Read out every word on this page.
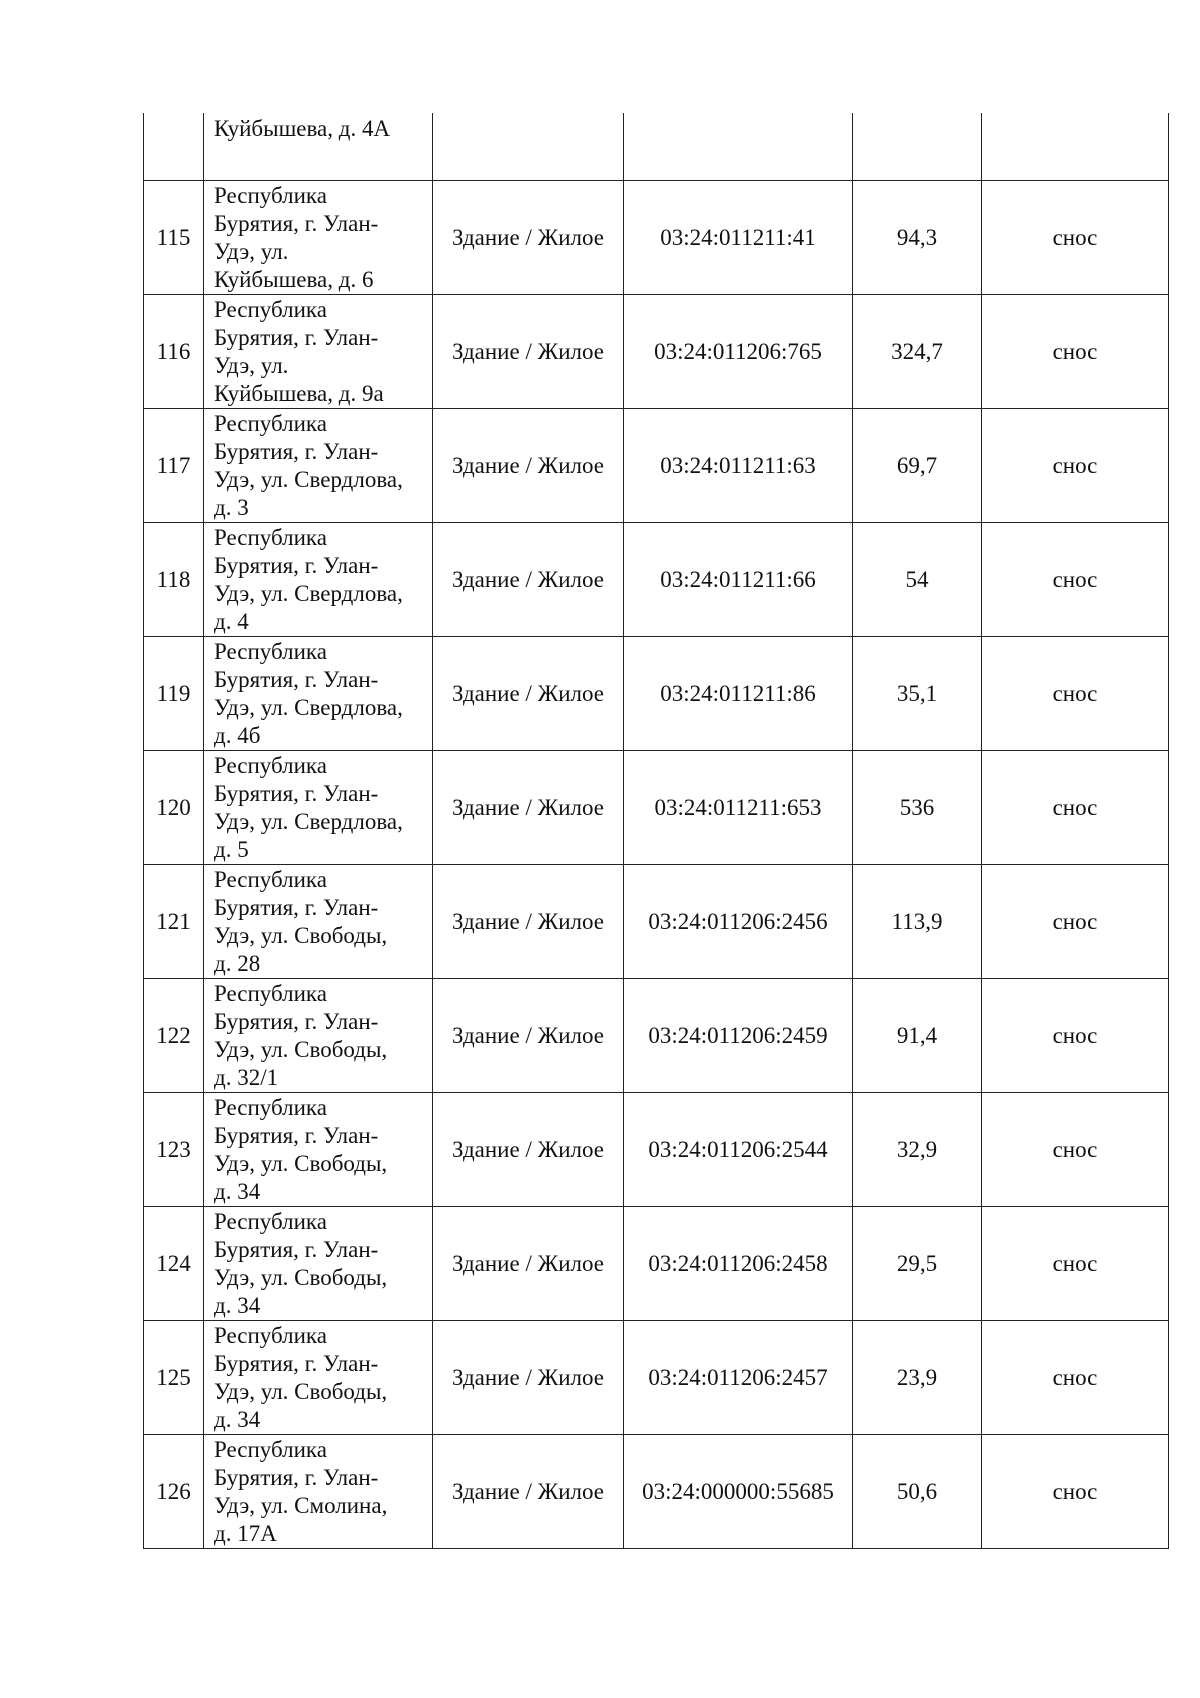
	Куйбышева, д. 4А				
115	Республика
Бурятия, г. Улан-
Удэ, ул.
Куйбышева, д. 6	Здание / Жилое	03:24:011211:41	94,3	снос
116	Республика
Бурятия, г. Улан-
Удэ, ул.
Куйбышева, д. 9а	Здание / Жилое	03:24:011206:765	324,7	снос
117	Республика
Бурятия, г. Улан-
Удэ, ул. Свердлова,
д. 3	Здание / Жилое	03:24:011211:63	69,7	снос
118	Республика
Бурятия, г. Улан-
Удэ, ул. Свердлова,
д. 4	Здание / Жилое	03:24:011211:66	54	снос
119	Республика
Бурятия, г. Улан-
Удэ, ул. Свердлова,
д. 4б	Здание / Жилое	03:24:011211:86	35,1	снос
120	Республика
Бурятия, г. Улан-
Удэ, ул. Свердлова,
д. 5	Здание / Жилое	03:24:011211:653	536	снос
121	Республика
Бурятия, г. Улан-
Удэ, ул. Свободы,
д. 28	Здание / Жилое	03:24:011206:2456	113,9	снос
122	Республика
Бурятия, г. Улан-
Удэ, ул. Свободы,
д. 32/1	Здание / Жилое	03:24:011206:2459	91,4	снос
123	Республика
Бурятия, г. Улан-
Удэ, ул. Свободы,
д. 34	Здание / Жилое	03:24:011206:2544	32,9	снос
124	Республика
Бурятия, г. Улан-
Удэ, ул. Свободы,
д. 34	Здание / Жилое	03:24:011206:2458	29,5	снос
125	Республика
Бурятия, г. Улан-
Удэ, ул. Свободы,
д. 34	Здание / Жилое	03:24:011206:2457	23,9	снос
126	Республика
Бурятия, г. Улан-
Удэ, ул. Смолина,
д. 17А	Здание / Жилое	03:24:000000:55685	50,6	снос
